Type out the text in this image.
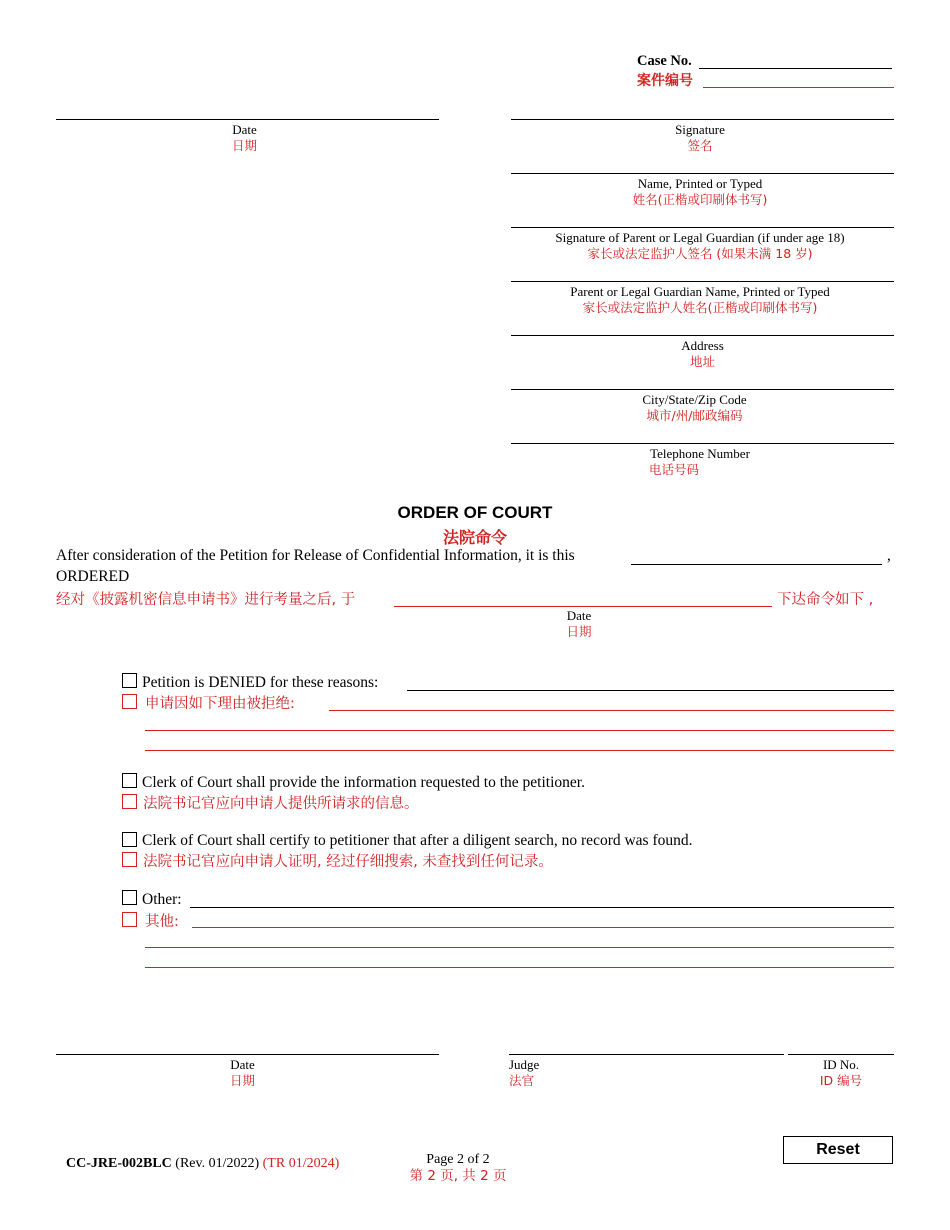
Case No.
案件编号
Date
日期
Signature
签名
Name, Printed or Typed
姓名(正楷或印刷体书写)
Signature of Parent or Legal Guardian (if under age 18)
家长或法定监护人签名 (如果未满 18 岁)
Parent or Legal Guardian Name, Printed or Typed
家长或法定监护人姓名(正楷或印刷体书写)
Address
地址
City/State/Zip Code
城市/州/邮政编码
Telephone Number
电话号码
ORDER OF COURT
法院命令
After consideration of the Petition for Release of Confidential Information, it is this	,
ORDERED
经对《披露机密信息申请书》进行考量之后, 于	下达命令如下 ,
Date
日期
Petition is DENIED for these reasons:
申请因如下理由被拒绝:
Clerk of Court shall provide the information requested to the petitioner.
法院书记官应向申请人提供所请求的信息。
Clerk of Court shall certify to petitioner that after a diligent search, no record was found.
法院书记官应向申请人证明, 经过仔细搜索, 未查找到任何记录。
Other:
其他:
Date
日期
Judge
法官
ID No.
ID 编号
CC-JRE-002BLC (Rev. 01/2022) (TR 01/2024)	Page 2 of 2
第 2 页, 共 2 页
Reset
